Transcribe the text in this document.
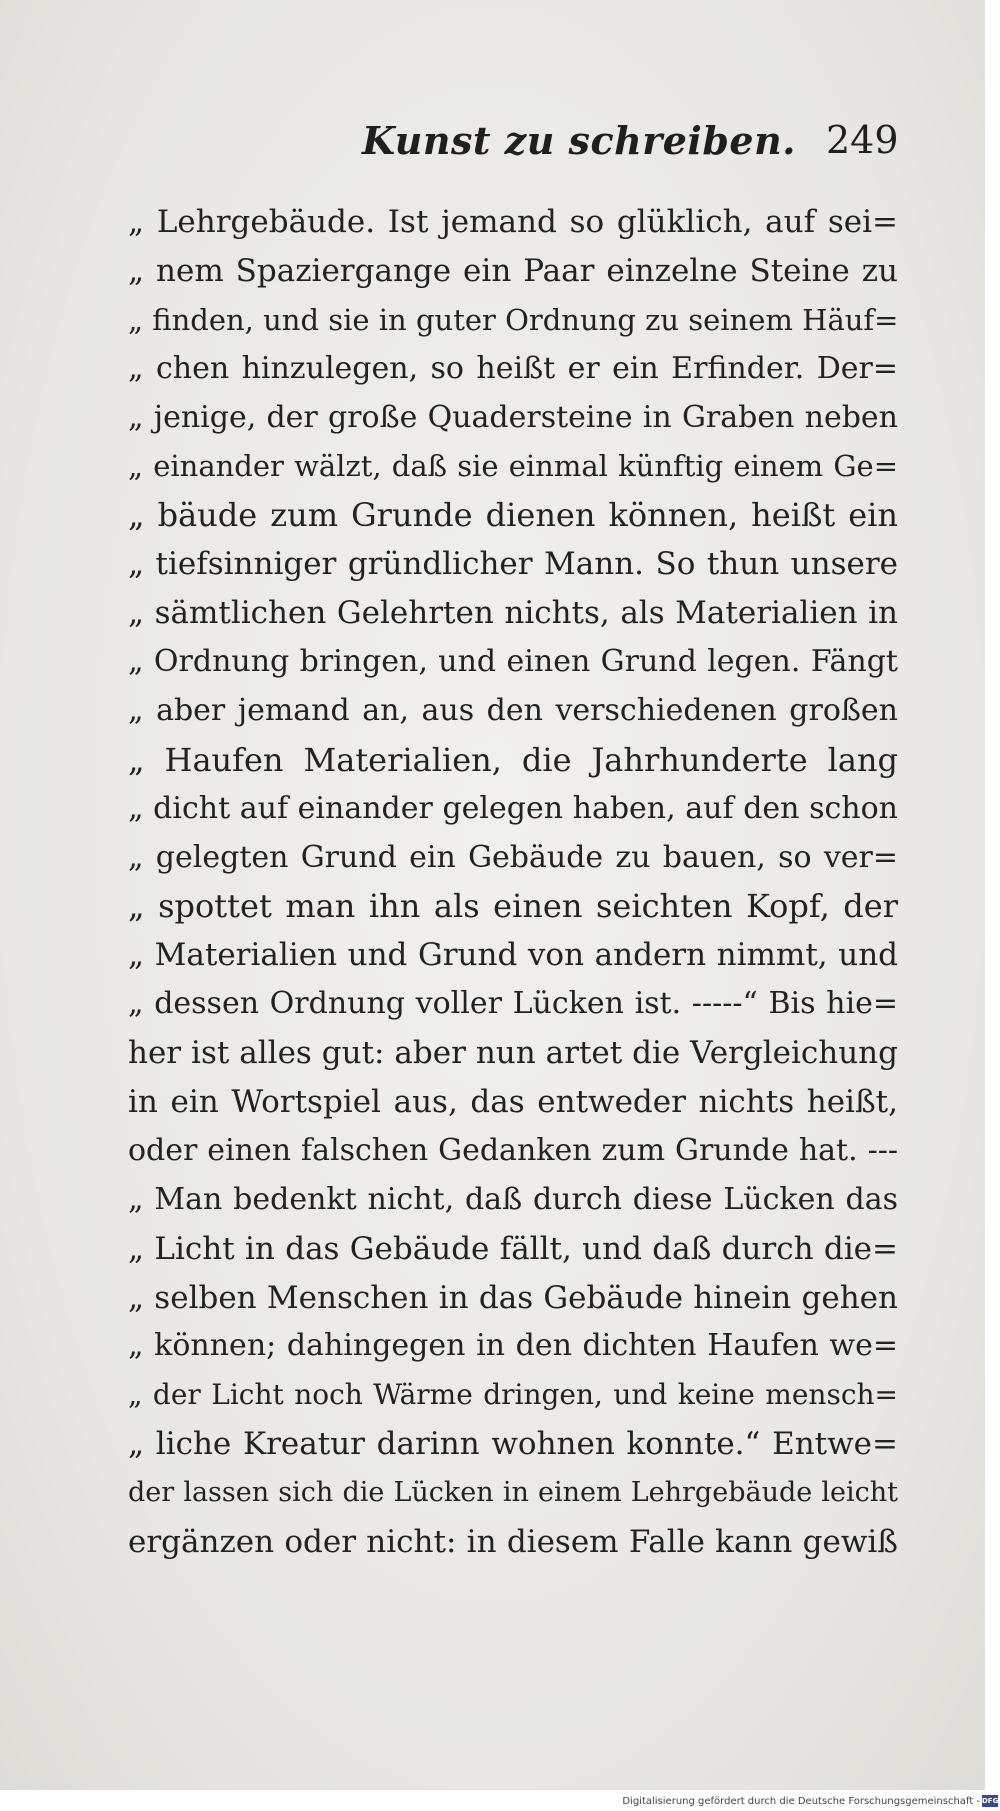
Kunst zu schreiben. 249
„ Lehrgebäude. Ist jemand so glüklich, auf sei=
„ nem Spaziergange ein Paar einzelne Steine zu
„ finden, und sie in guter Ordnung zu seinem Häuf=
„ chen hinzulegen, so heißt er ein Erfinder. Der=
„ jenige, der große Quadersteine in Graben neben
„ einander wälzt, daß sie einmal künftig einem Ge=
„ bäude zum Grunde dienen können, heißt ein
„ tiefsinniger gründlicher Mann. So thun unsere
„ sämtlichen Gelehrten nichts, als Materialien in
„ Ordnung bringen, und einen Grund legen. Fängt
„ aber jemand an, aus den verschiedenen großen
„ Haufen Materialien, die Jahrhunderte lang
„ dicht auf einander gelegen haben, auf den schon
„ gelegten Grund ein Gebäude zu bauen, so ver=
„ spottet man ihn als einen seichten Kopf, der
„ Materialien und Grund von andern nimmt, und
„ dessen Ordnung voller Lücken ist. -----“ Bis hie=
her ist alles gut: aber nun artet die Vergleichung
in ein Wortspiel aus, das entweder nichts heißt,
oder einen falschen Gedanken zum Grunde hat. ---
„ Man bedenkt nicht, daß durch diese Lücken das
„ Licht in das Gebäude fällt, und daß durch die=
„ selben Menschen in das Gebäude hinein gehen
„ können; dahingegen in den dichten Haufen we=
„ der Licht noch Wärme dringen, und keine mensch=
„ liche Kreatur darinn wohnen konnte.“ Entwe=
der lassen sich die Lücken in einem Lehrgebäude leicht
ergänzen oder nicht: in diesem Falle kann gewiß
Digitalisierung gefördert durch die Deutsche Forschungsgemeinschaft - DFG
